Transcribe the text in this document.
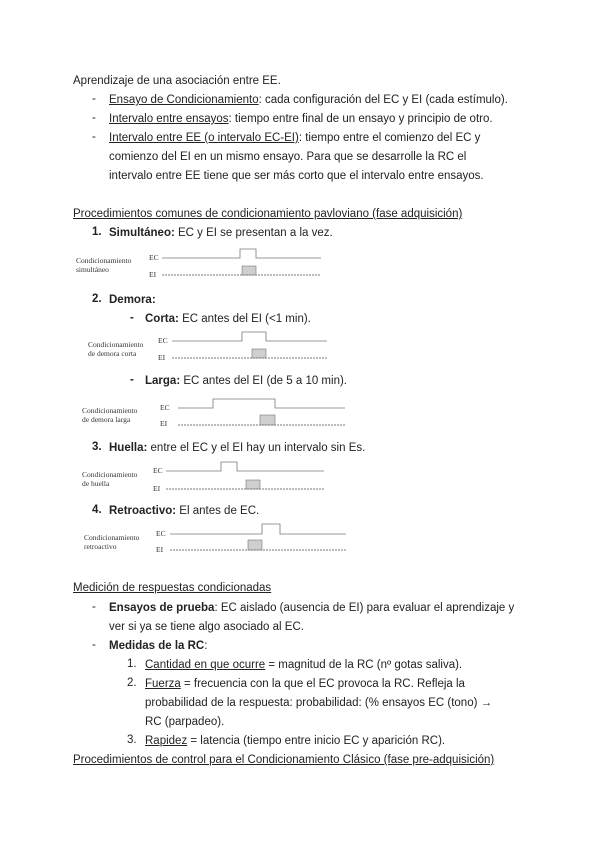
Aprendizaje de una asociación entre EE.
- Ensayo de Condicionamiento: cada configuración del EC y EI (cada estímulo).
- Intervalo entre ensayos: tiempo entre final de un ensayo y principio de otro.
- Intervalo entre EE (o intervalo EC-EI): tiempo entre el comienzo del EC y
comienzo del EI en un mismo ensayo. Para que se desarrolle la RC el
intervalo entre EE tiene que ser más corto que el intervalo entre ensayos.
Procedimientos comunes de condicionamiento pavloviano (fase adquisición)
1. Simultáneo: EC y EI se presentan a la vez.
Condicionamiento
simultáneo
EC
EI
2. Demora:
- Corta: EC antes del EI (<1 min).
Condicionamiento
de demora corta
EC
EI
- Larga: EC antes del EI (de 5 a 10 min).
Condicionamiento
de demora larga
EC
EI
3. Huella: entre el EC y el EI hay un intervalo sin Es.
Condicionamiento
de huella
EC
EI
4. Retroactivo: El antes de EC.
Condicionamiento
retroactivo
EC
EI
Medición de respuestas condicionadas
- Ensayos de prueba: EC aislado (ausencia de EI) para evaluar el aprendizaje y
ver si ya se tiene algo asociado al EC.
- Medidas de la RC:
1. Cantidad en que ocurre = magnitud de la RC (nº gotas saliva).
2. Fuerza = frecuencia con la que el EC provoca la RC. Refleja la
probabilidad de la respuesta: probabilidad: (% ensayos EC (tono) →
RC (parpadeo).
3. Rapidez = latencia (tiempo entre inicio EC y aparición RC).
Procedimientos de control para el Condicionamiento Clásico (fase pre-adquisición)
